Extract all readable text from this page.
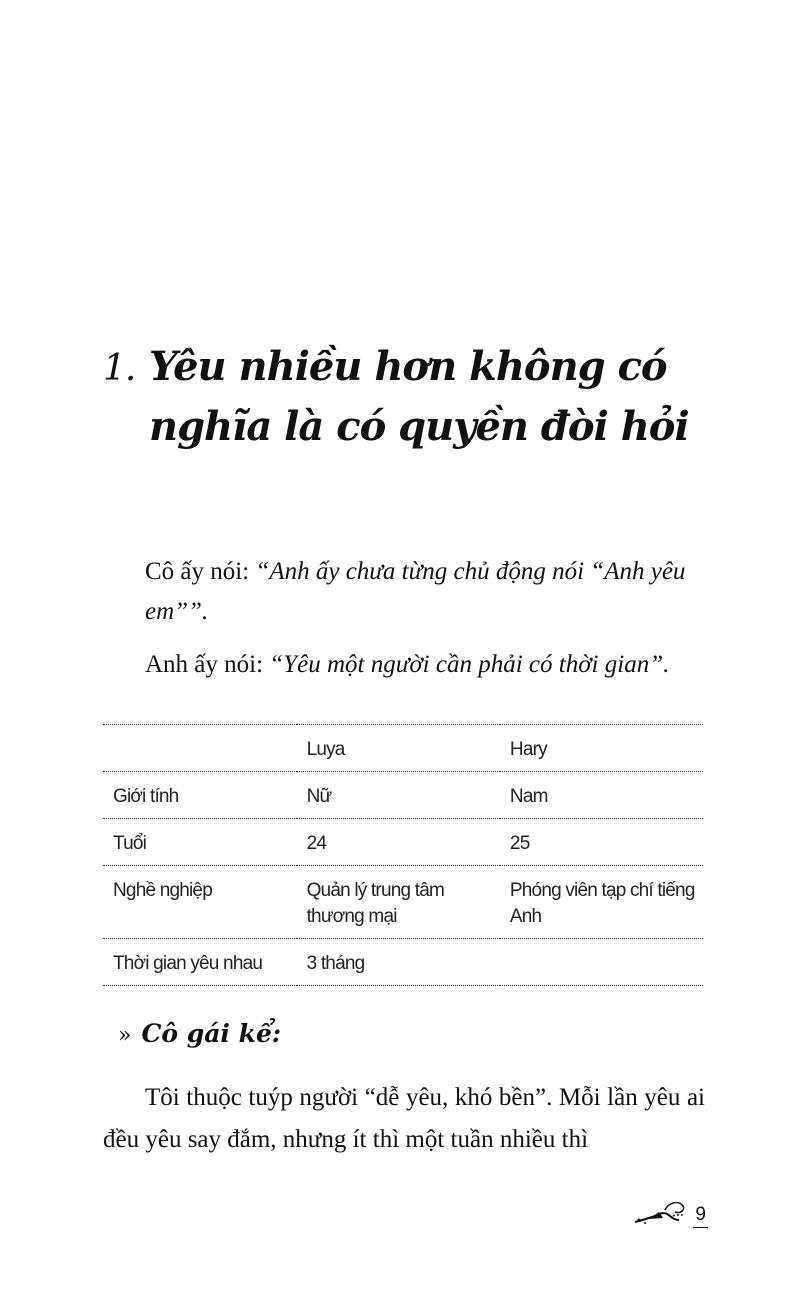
1. Yêu nhiều hơn không có
nghĩa là có quyền đòi hỏi

Cô ấy nói: “Anh ấy chưa từng chủ động nói “Anh yêu em””.

Anh ấy nói: “Yêu một người cần phải có thời gian”.

	Luya	Hary
Giới tính	Nữ	Nam
Tuổi	24	25
Nghề nghiệp	Quản lý trung tâm thương mại	Phóng viên tạp chí tiếng Anh
Thời gian yêu nhau	3 tháng	
» Cô gái kể:

Tôi thuộc tuýp người “dễ yêu, khó bền”. Mỗi lần yêu ai đều yêu say đắm, nhưng ít thì một tuần nhiều thì

9
